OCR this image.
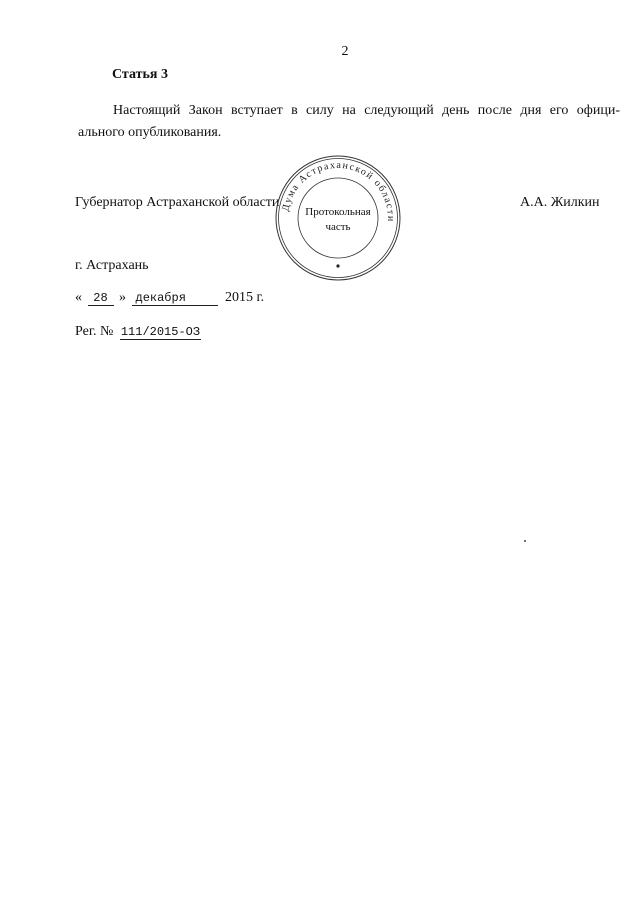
2
Статья 3
Настоящий Закон вступает в силу на следующий день после дня его офици-
ального опубликования.
Губернатор Астраханской области	А.А. Жилкин
Дума Астраханской области
Протокольная
часть
г. Астрахань
« 28 » декабря	2015 г.
Рег. № 111/2015-ОЗ
